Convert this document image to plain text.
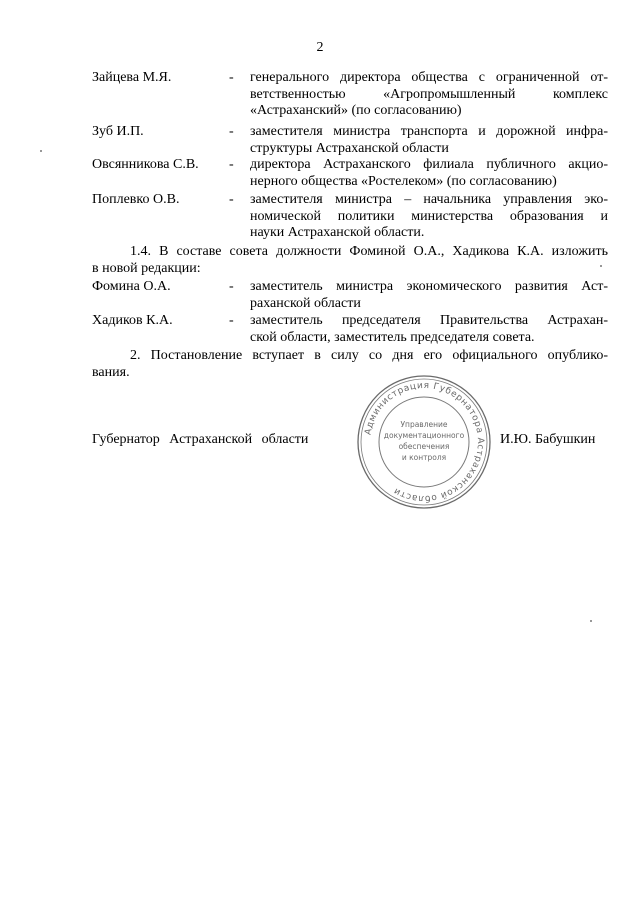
2
Зайцева М.Я.	- генерального директора общества с ограниченной от-
ветственностью «Агропромышленный комплекс
«Астраханский» (по согласованию)
Зуб И.П.	- заместителя министра транспорта и дорожной инфра-
структуры Астраханской области
Овсянникова С.В. - директора Астраханского филиала публичного акцио-
нерного общества «Ростелеком» (по согласованию)
Поплевко О.В.	- заместителя министра – начальника управления эко-
номической политики министерства образования и
науки Астраханской области.
1.4. В составе совета должности Фоминой О.А., Хадикова К.А. изложить
в новой редакции:
Фомина О.А.	- заместитель министра экономического развития Аст-
раханской области
Хадиков К.А.	- заместитель председателя Правительства Астрахан-
ской области, заместитель председателя совета.
2. Постановление вступает в силу со дня его официального опублико-
вания.
Губернатор Астраханской области	И.Ю. Бабушкин
Администрация Губернатора Астраханской области
Управление
документационного
обеспечения
и контроля
